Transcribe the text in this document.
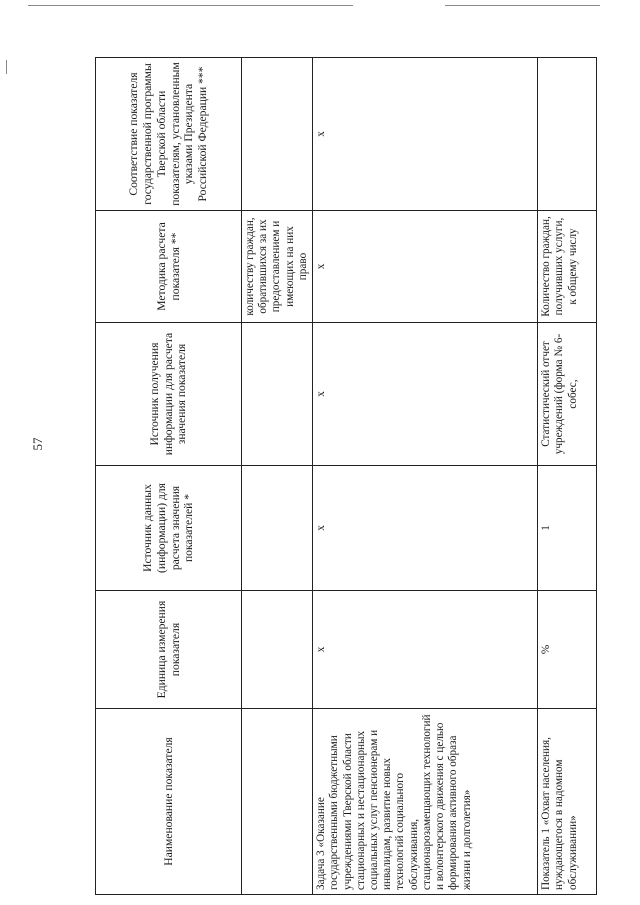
57
Наименование показателя	Единица измерения показателя	Источник данных (информации) для расчета значения показателей *	Источник получения информации для расчета значения показателя	Методика расчета показателя **	Соответствие показателя государственной программы Тверской области показателям, установленным указами Президента Российской Федерации ***
				количеству граждан, обратившихся за их предоставлением и имеющих на них право	
Задача 3 «Оказание государственными бюджетными учреждениями Тверской области стационарных и нестационарных социальных услуг пенсионерам и инвалидам, развитие новых технологий социального обслуживания, стационарозамещающих технологий и волонтерского движения с целью формирования активного образа жизни и долголетия»	x	x	x	x	x
Показатель 1 «Охват населения, нуждающегося в надомном обслуживании»	%	1	Статистический отчет учреждений (форма № 6-собес,	Количество граждан, получивших услуги, к общему числу	
